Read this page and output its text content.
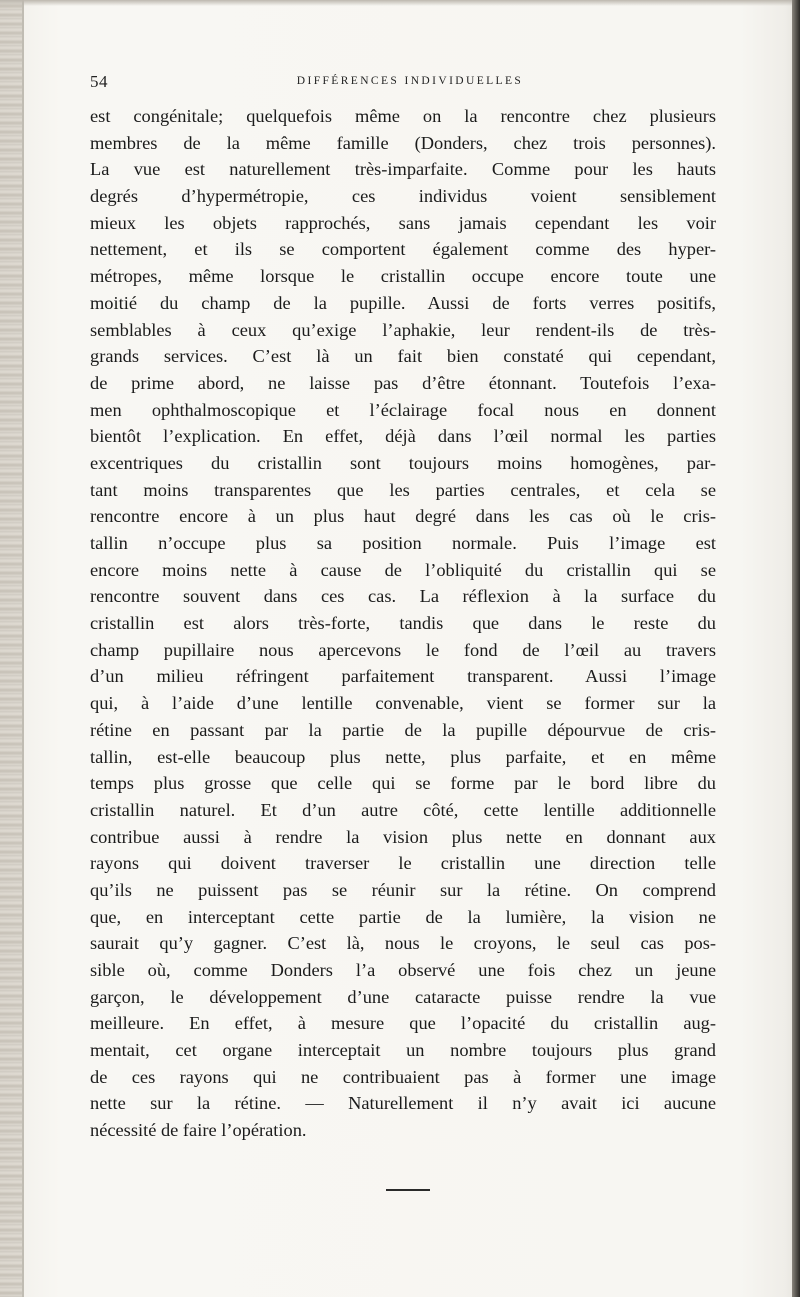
54	DIFFÉRENCES INDIVIDUELLES
est congénitale; quelquefois même on la rencontre chez plusieurs
membres de la même famille (Donders, chez trois personnes).
La vue est naturellement très-imparfaite. Comme pour les hauts
degrés d’hypermétropie, ces individus voient sensiblement
mieux les objets rapprochés, sans jamais cependant les voir
nettement, et ils se comportent également comme des hyper-
métropes, même lorsque le cristallin occupe encore toute une
moitié du champ de la pupille. Aussi de forts verres positifs,
semblables à ceux qu’exige l’aphakie, leur rendent-ils de très-
grands services. C’est là un fait bien constaté qui cependant,
de prime abord, ne laisse pas d’être étonnant. Toutefois l’exa-
men ophthalmoscopique et l’éclairage focal nous en donnent
bientôt l’explication. En effet, déjà dans l’œil normal les parties
excentriques du cristallin sont toujours moins homogènes, par-
tant moins transparentes que les parties centrales, et cela se
rencontre encore à un plus haut degré dans les cas où le cris-
tallin n’occupe plus sa position normale. Puis l’image est
encore moins nette à cause de l’obliquité du cristallin qui se
rencontre souvent dans ces cas. La réflexion à la surface du
cristallin est alors très-forte, tandis que dans le reste du
champ pupillaire nous apercevons le fond de l’œil au travers
d’un milieu réfringent parfaitement transparent. Aussi l’image
qui, à l’aide d’une lentille convenable, vient se former sur la
rétine en passant par la partie de la pupille dépourvue de cris-
tallin, est-elle beaucoup plus nette, plus parfaite, et en même
temps plus grosse que celle qui se forme par le bord libre du
cristallin naturel. Et d’un autre côté, cette lentille additionnelle
contribue aussi à rendre la vision plus nette en donnant aux
rayons qui doivent traverser le cristallin une direction telle
qu’ils ne puissent pas se réunir sur la rétine. On comprend
que, en interceptant cette partie de la lumière, la vision ne
saurait qu’y gagner. C’est là, nous le croyons, le seul cas pos-
sible où, comme Donders l’a observé une fois chez un jeune
garçon, le développement d’une cataracte puisse rendre la vue
meilleure. En effet, à mesure que l’opacité du cristallin aug-
mentait, cet organe interceptait un nombre toujours plus grand
de ces rayons qui ne contribuaient pas à former une image
nette sur la rétine. — Naturellement il n’y avait ici aucune
nécessité de faire l’opération.
